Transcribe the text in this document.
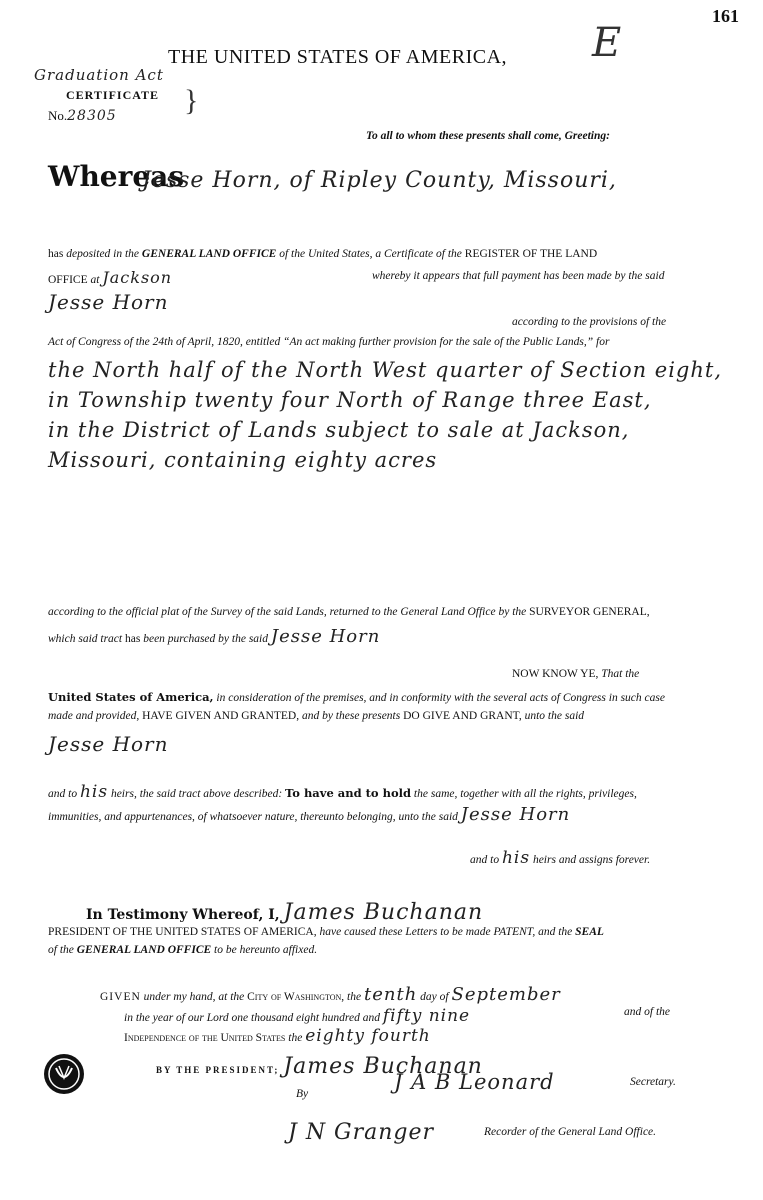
161
THE UNITED STATES OF AMERICA, E
Graduation Act
CERTIFICATE
No.28305 }
To all to whom these presents shall come, Greeting:
Whereas
Jesse Horn, of Ripley County, Missouri,
has deposited in the GENERAL LAND OFFICE of the United States, a Certificate of the REGISTER OF THE LAND
OFFICE at Jackson	whereby it appears that full payment has been made by the said
Jesse Horn
according to the provisions of the
Act of Congress of the 24th of April, 1820, entitled “An act making further provision for the sale of the Public Lands,” for
the North half of the North West quarter of Section eight,
in Township twenty four North of Range three East,
in the District of Lands subject to sale at Jackson,
Missouri, containing eighty acres
according to the official plat of the Survey of the said Lands, returned to the General Land Office by the SURVEYOR GENERAL,
which said tract has been purchased by the said Jesse Horn
NOW KNOW YE, That the
United States of America, in consideration of the premises, and in conformity with the several acts of Congress in such case
made and provided, HAVE GIVEN AND GRANTED, and by these presents DO GIVE AND GRANT, unto the said
Jesse Horn
and to his heirs, the said tract above described: To have and to hold the same, together with all the rights, privileges,
immunities, and appurtenances, of whatsoever nature, thereunto belonging, unto the said Jesse Horn
and to his heirs and assigns forever.
In Testimony Whereof, I, James Buchanan
PRESIDENT OF THE UNITED STATES OF AMERICA, have caused these Letters to be made PATENT, and the SEAL
of the GENERAL LAND OFFICE to be hereunto affixed.
GIVEN under my hand, at the City of Washington, the tenth day of September
in the year of our Lord one thousand eight hundred and fifty nine	and of the
Independence of the United States the eighty fourth
BY THE PRESIDENT; James Buchanan
By	J A B Leonard	Secretary.
J N Granger	Recorder of the General Land Office.
